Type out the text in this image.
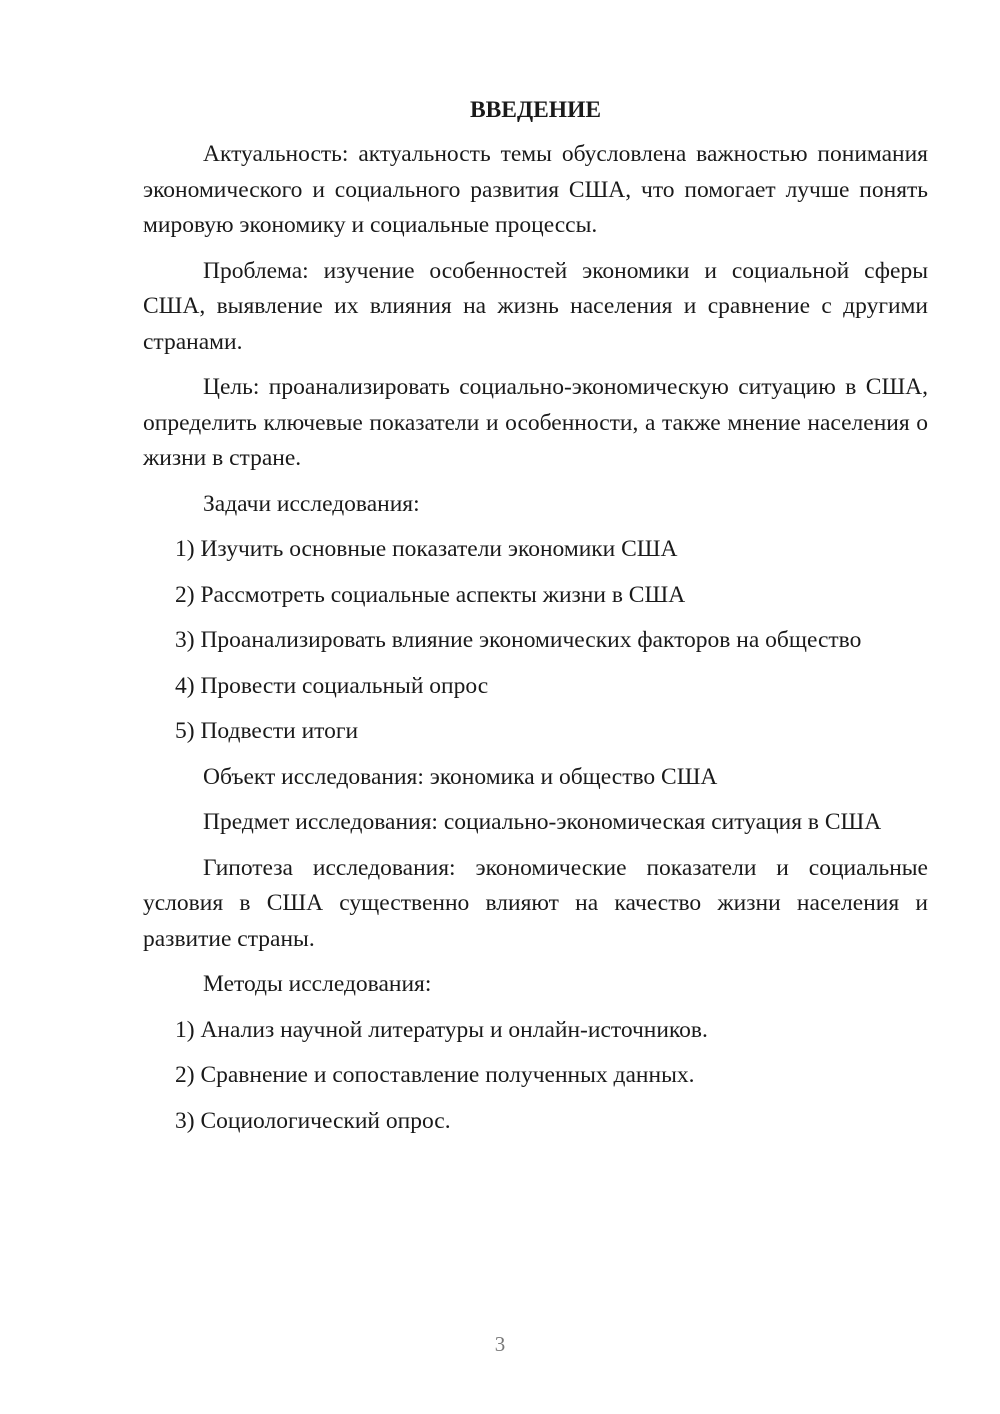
ВВЕДЕНИЕ

Актуальность: актуальность темы обусловлена важностью понимания экономического и социального развития США, что помогает лучше понять мировую экономику и социальные процессы.

Проблема: изучение особенностей экономики и социальной сферы США, выявление их влияния на жизнь населения и сравнение с другими странами.

Цель: проанализировать социально-экономическую ситуацию в США, определить ключевые показатели и особенности, а также мнение населения о жизни в стране.

Задачи исследования:

1) Изучить основные показатели экономики США

2) Рассмотреть социальные аспекты жизни в США

3) Проанализировать влияние экономических факторов на общество

4) Провести социальный опрос

5) Подвести итоги

Объект исследования: экономика и общество США

Предмет исследования: социально-экономическая ситуация в США

Гипотеза исследования: экономические показатели и социальные условия в США существенно влияют на качество жизни населения и развитие страны.

Методы исследования:

1) Анализ научной литературы и онлайн-источников.

2) Сравнение и сопоставление полученных данных.

3) Социологический опрос.

3
